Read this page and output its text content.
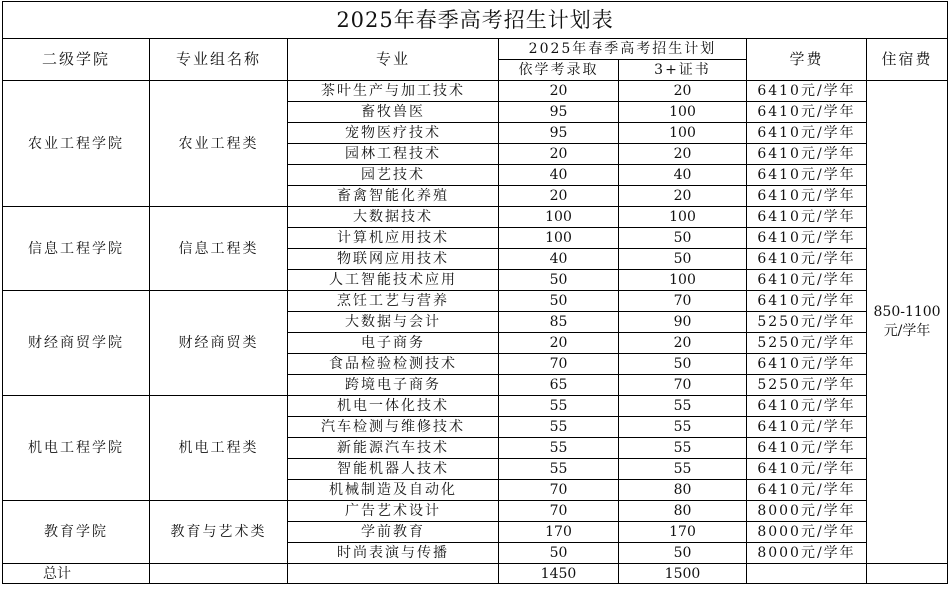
2025年春季高考招生计划表						
二级学院	专业组名称	专业	2025年春季高考招生计划		学费	住宿费
			依学考录取	3+证书		
农业工程学院	农业工程类	茶叶生产与加工技术	20	20	6410元/学年	850-1100
元/学年

		畜牧兽医	95	100	6410元/学年	
		宠物医疗技术	95	100	6410元/学年	
		园林工程技术	20	20	6410元/学年	
		园艺技术	40	40	6410元/学年	
		畜禽智能化养殖	20	20	6410元/学年	
信息工程学院	信息工程类	大数据技术	100	100	6410元/学年	
		计算机应用技术	100	50	6410元/学年	
		物联网应用技术	40	50	6410元/学年	
		人工智能技术应用	50	100	6410元/学年	
财经商贸学院	财经商贸类	烹饪工艺与营养	50	70	6410元/学年	
		大数据与会计	85	90	5250元/学年	
		电子商务	20	20	5250元/学年	
		食品检验检测技术	70	50	6410元/学年	
		跨境电子商务	65	70	5250元/学年	
机电工程学院	机电工程类	机电一体化技术	55	55	6410元/学年	
		汽车检测与维修技术	55	55	6410元/学年	
		新能源汽车技术	55	55	6410元/学年	
		智能机器人技术	55	55	6410元/学年	
		机械制造及自动化	70	80	6410元/学年	
教育学院	教育与艺术类	广告艺术设计	70	80	8000元/学年	
		学前教育	170	170	8000元/学年	
		时尚表演与传播	50	50	8000元/学年	
总计			1450	1500		
